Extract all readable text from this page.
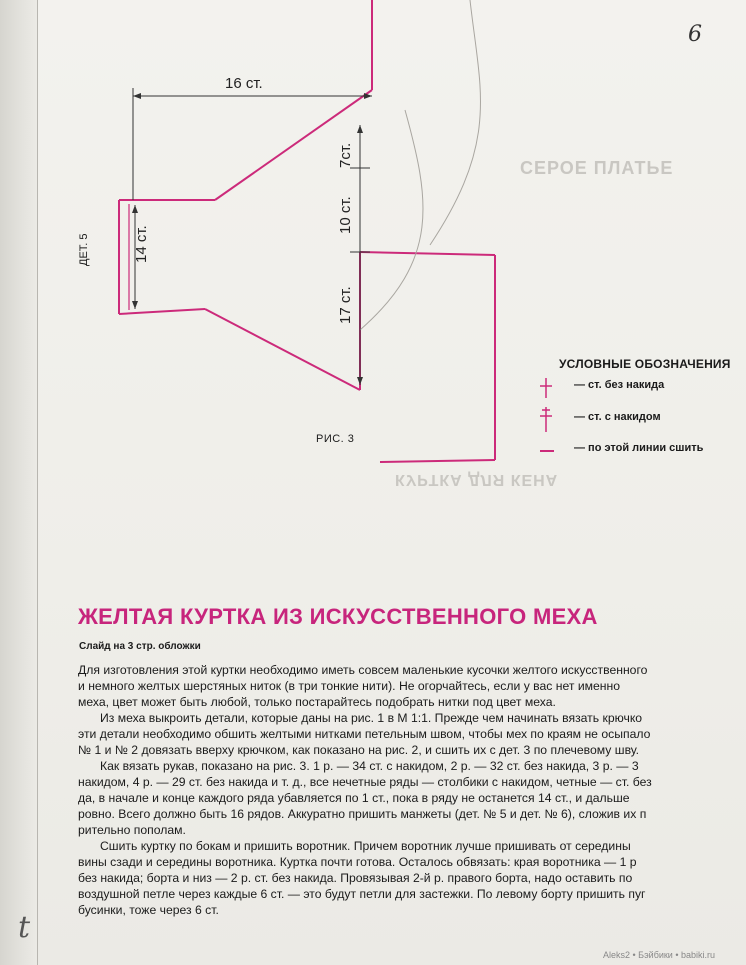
СЕРОЕ ПЛАТЬЕ
КУРТКА ДЛЯ КЕНА
6
t
16 ст.
14 ст.
7ст.
10 ст.
17 ст.
ДЕТ. 5
РИС. 3
УСЛОВНЫЕ ОБОЗНАЧЕНИЯ
— ст. без накида
— ст. с накидом
— по этой линии сшить
ЖЕЛТАЯ КУРТКА ИЗ ИСКУССТВЕННОГО МЕХА
Слайд на 3 стр. обложки

Для изготовления этой куртки необходимо иметь совсем маленькие кусочки желтого искусственного

и немного желтых шерстяных ниток (в три тонкие нити). Не огорчайтесь, если у вас нет именно

меха, цвет может быть любой, только постарайтесь подобрать нитки под цвет меха.

Из меха выкроить детали, которые даны на рис. 1 в М 1:1. Прежде чем начинать вязать крючко

эти детали необходимо обшить желтыми нитками петельным швом, чтобы мех по краям не осыпало

№ 1 и № 2 довязать вверху крючком, как показано на рис. 2, и сшить их с дет. 3 по плечевому шву.

Как вязать рукав, показано на рис. 3. 1 р. — 34 ст. с накидом, 2 р. — 32 ст. без накида, 3 р. — 3

накидом, 4 р. — 29 ст. без накида и т. д., все нечетные ряды — столбики с накидом, четные — ст. без

да, в начале и конце каждого ряда убавляется по 1 ст., пока в ряду не останется 14 ст., и дальше

ровно. Всего должно быть 16 рядов. Аккуратно пришить манжеты (дет. № 5 и дет. № 6), сложив их п

рительно пополам.

Сшить куртку по бокам и пришить воротник. Причем воротник лучше пришивать от середины

вины сзади и середины воротника. Куртка почти готова. Осталось обвязать: края воротника — 1 р

без накида; борта и низ — 2 р. ст. без накида. Провязывая 2-й р. правого борта, надо оставить по

воздушной петле через каждые 6 ст. — это будут петли для застежки. По левому борту пришить пуг

бусинки, тоже через 6 ст.

Aleks2 • Бэйбики • babiki.ru
